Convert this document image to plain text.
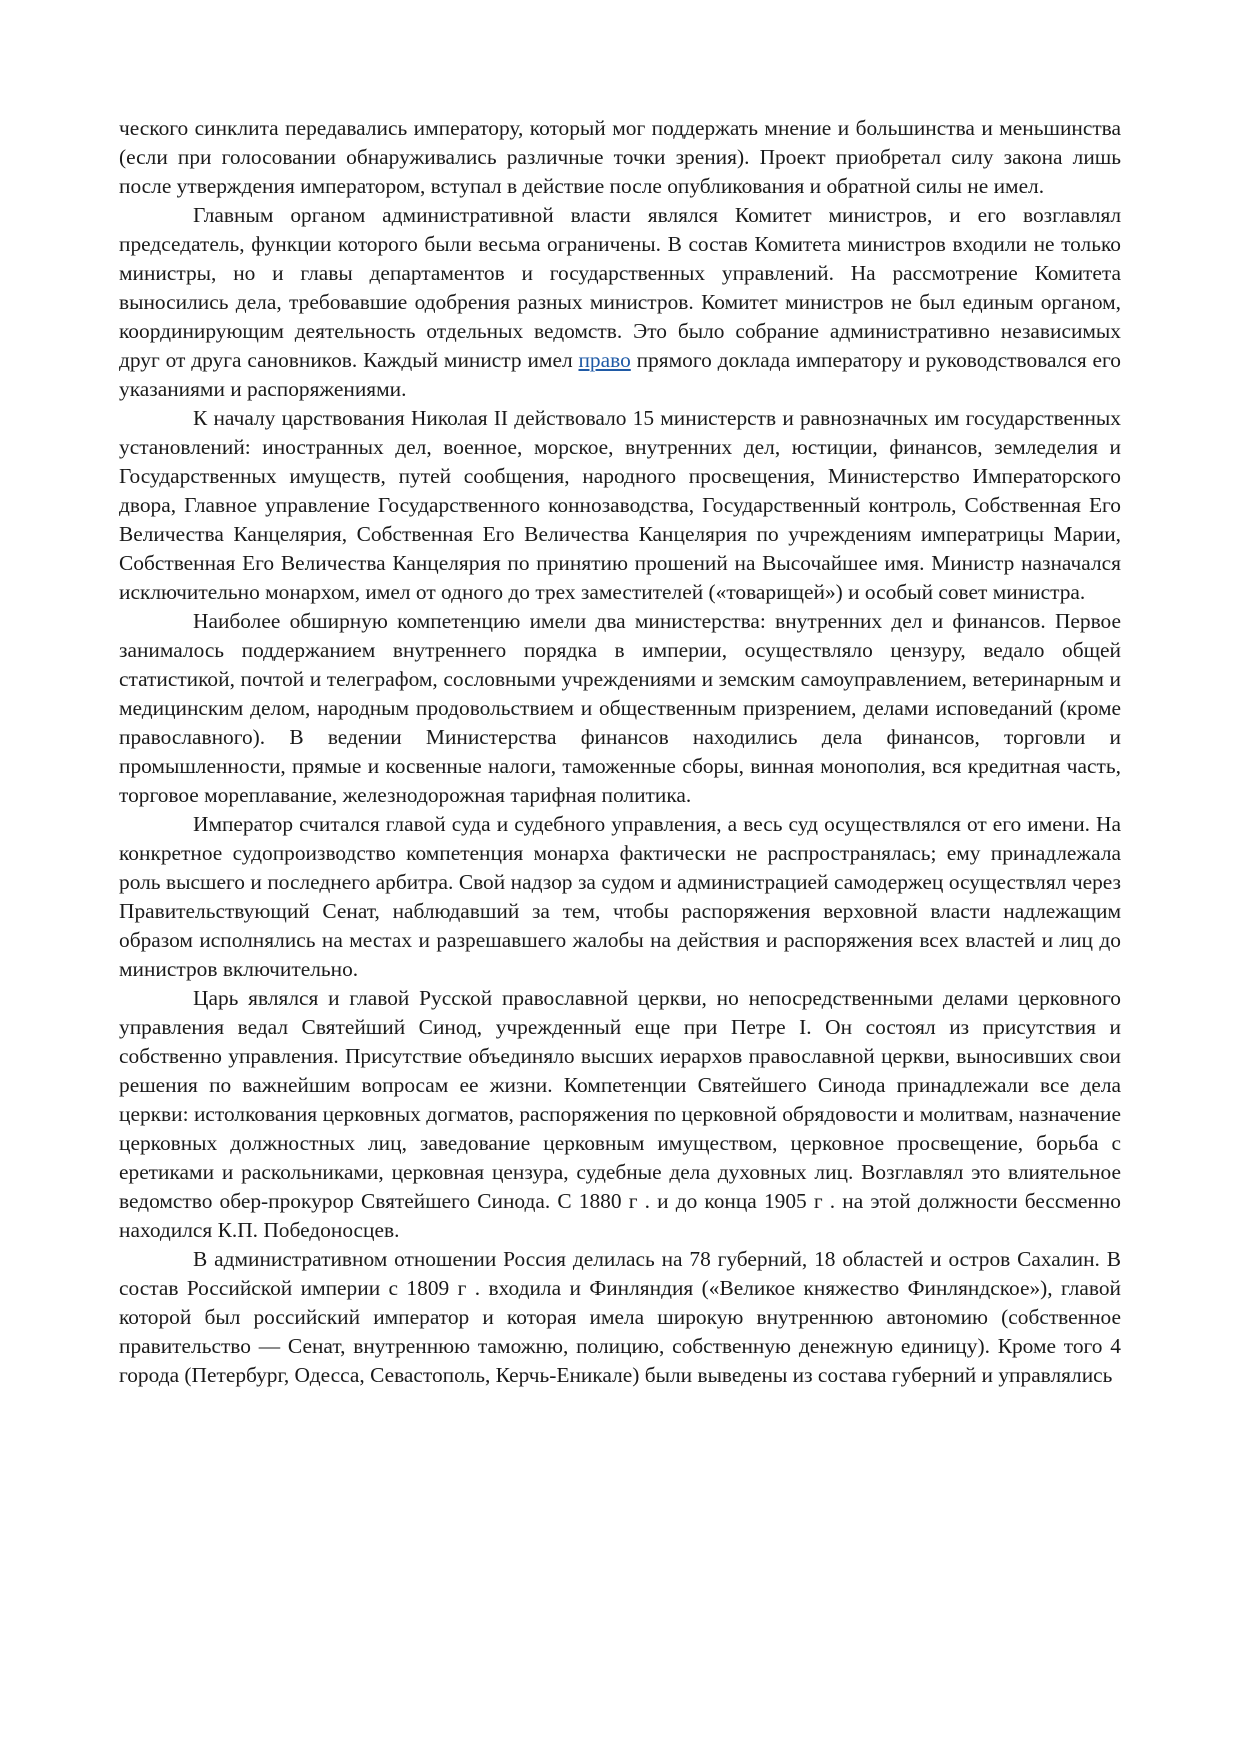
ческого синклита передавались императору, который мог поддержать мнение и большинства и меньшинства (если при голосовании обнаруживались различные точки зрения). Проект приобретал силу закона лишь после утверждения императором, вступал в действие после опубликования и обратной силы не имел.

Главным органом административной власти являлся Комитет министров, и его возглавлял председатель, функции которого были весьма ограничены. В состав Комитета министров входили не только министры, но и главы департаментов и государственных управлений. На рассмотрение Комитета выносились дела, требовавшие одобрения разных министров. Комитет министров не был единым органом, координирующим деятельность отдельных ведомств. Это было собрание административно независимых друг от друга сановников. Каждый министр имел право прямого доклада императору и руководствовался его указаниями и распоряжениями.

К началу царствования Николая II действовало 15 министерств и равнозначных им государственных установлений: иностранных дел, военное, морское, внутренних дел, юстиции, финансов, земледелия и Государственных имуществ, путей сообщения, народного просвещения, Министерство Императорского двора, Главное управление Государственного коннозаводства, Государственный контроль, Собственная Его Величества Канцелярия, Собственная Его Величества Канцелярия по учреждениям императрицы Марии, Собственная Его Величества Канцелярия по принятию прошений на Высочайшее имя. Министр назначался исключительно монархом, имел от одного до трех заместителей («товарищей») и особый совет министра.

Наиболее обширную компетенцию имели два министерства: внутренних дел и финансов. Первое занималось поддержанием внутреннего порядка в империи, осуществляло цензуру, ведало общей статистикой, почтой и телеграфом, сословными учреждениями и земским самоуправлением, ветеринарным и медицинским делом, народным продовольствием и общественным призрением, делами исповеданий (кроме православного). В ведении Министерства финансов находились дела финансов, торговли и промышленности, прямые и косвенные налоги, таможенные сборы, винная монополия, вся кредитная часть, торговое мореплавание, железнодорожная тарифная политика.

Император считался главой суда и судебного управления, а весь суд осуществлялся от его имени. На конкретное судопроизводство компетенция монарха фактически не распространялась; ему принадлежала роль высшего и последнего арбитра. Свой надзор за судом и администрацией самодержец осуществлял через Правительствующий Сенат, наблюдавший за тем, чтобы распоряжения верховной власти надлежащим образом исполнялись на местах и разрешавшего жалобы на действия и распоряжения всех властей и лиц до министров включительно.

Царь являлся и главой Русской православной церкви, но непосредственными делами церковного управления ведал Святейший Синод, учрежденный еще при Петре I. Он состоял из присутствия и собственно управления. Присутствие объединяло высших иерархов православной церкви, выносивших свои решения по важнейшим вопросам ее жизни. Компетенции Святейшего Синода принадлежали все дела церкви: истолкования церковных догматов, распоряжения по церковной обрядовости и молитвам, назначение церковных должностных лиц, заведование церковным имуществом, церковное просвещение, борьба с еретиками и раскольниками, церковная цензура, судебные дела духовных лиц. Возглавлял это влиятельное ведомство обер-прокурор Святейшего Синода. С 1880 г . и до конца 1905 г . на этой должности бессменно находился К.П. Победоносцев.

В административном отношении Россия делилась на 78 губерний, 18 областей и остров Сахалин. В состав Российской империи с 1809 г . входила и Финляндия («Великое княжество Финляндское»), главой которой был российский император и которая имела широкую внутреннюю автономию (собственное правительство — Сенат, внутреннюю таможню, полицию, собственную денежную единицу). Кроме того 4 города (Петербург, Одесса, Севастополь, Керчь-Еникале) были выведены из состава губерний и управлялись
